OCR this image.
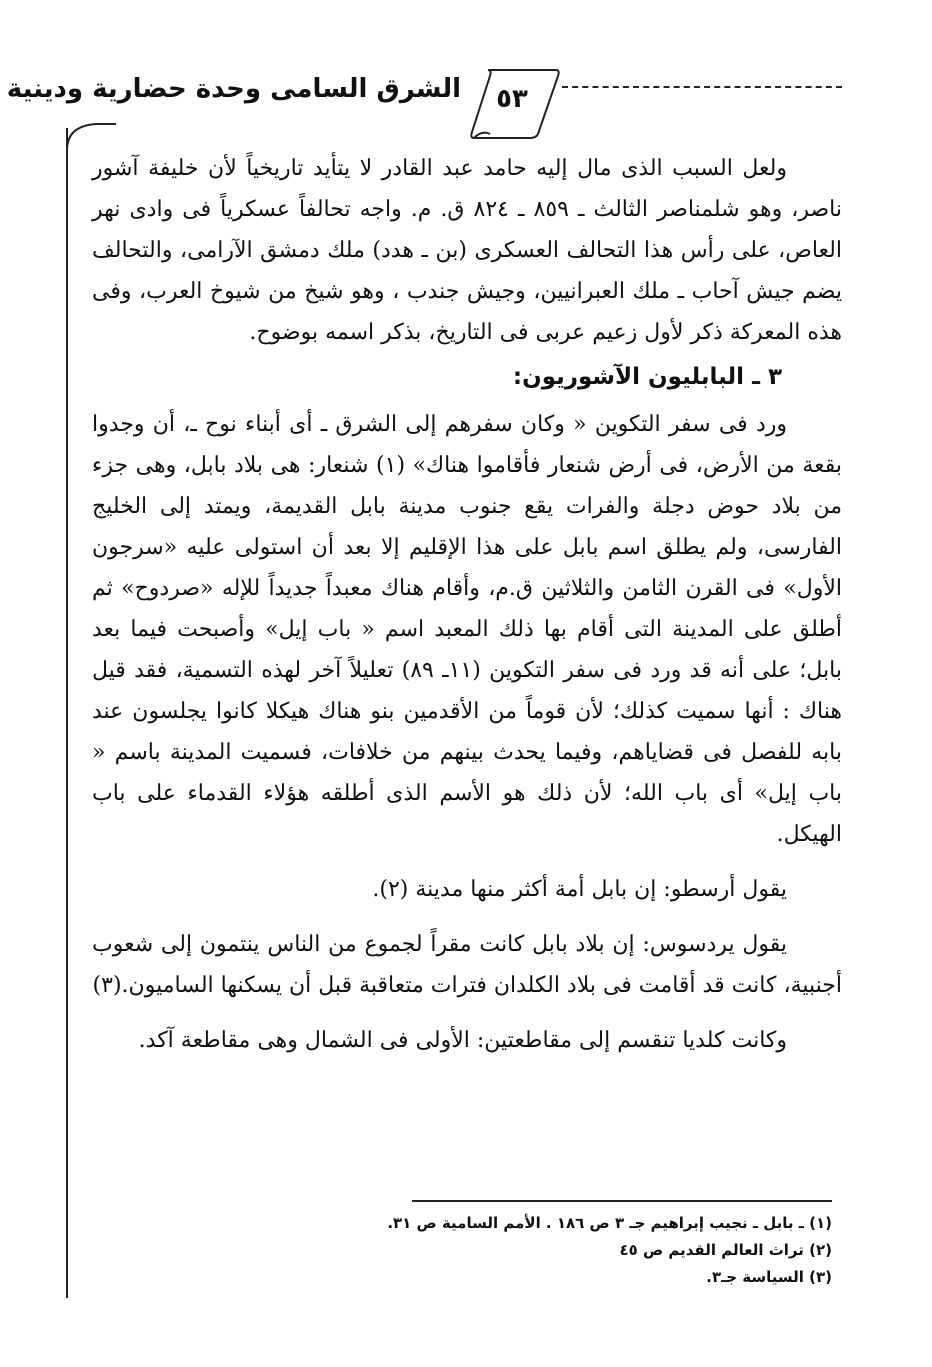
الشرق السامى وحدة حضارية ودينية	٥٣

ولعل السبب الذى مال إليه حامد عبد القادر لا يتأيد تاريخياً لأن خليفة آشور ناصر، وهو شلمناصر الثالث ـ ٨٥٩ ـ ٨٢٤ ق. م. واجه تحالفاً عسكرياً فى وادى نهر العاص، على رأس هذا التحالف العسكرى (بن ـ هدد) ملك دمشق الآرامى، والتحالف يضم جيش آحاب ـ ملك العبرانيين، وجيش جندب ، وهو شيخ من شيوخ العرب، وفى هذه المعركة ذكر لأول زعيم عربى فى التاريخ، بذكر اسمه بوضوح.

٣ ـ البابليون الآشوريون:

ورد فى سفر التكوين « وكان سفرهم إلى الشرق ـ أى أبناء نوح ـ، أن وجدوا بقعة من الأرض، فى أرض شنعار فأقاموا هناك» (١) شنعار: هى بلاد بابل، وهى جزء من بلاد حوض دجلة والفرات يقع جنوب مدينة بابل القديمة، ويمتد إلى الخليج الفارسى، ولم يطلق اسم بابل على هذا الإقليم إلا بعد أن استولى عليه «سرجون الأول» فى القرن الثامن والثلاثين ق.م، وأقام هناك معبداً جديداً للإله «صردوح» ثم أطلق على المدينة التى أقام بها ذلك المعبد اسم « باب إيل» وأصبحت فيما بعد بابل؛ على أنه قد ورد فى سفر التكوين (١١ـ ٨٩) تعليلاً آخر لهذه التسمية، فقد قيل هناك : أنها سميت كذلك؛ لأن قوماً من الأقدمين بنو هناك هيكلا كانوا يجلسون عند بابه للفصل فى قضاياهم، وفيما يحدث بينهم من خلافات، فسميت المدينة باسم « باب إيل» أى باب الله؛ لأن ذلك هو الأسم الذى أطلقه هؤلاء القدماء على باب الهيكل.

يقول أرسطو: إن بابل أمة أكثر منها مدينة (٢).

يقول يردسوس: إن بلاد بابل كانت مقراً لجموع من الناس ينتمون إلى شعوب أجنبية، كانت قد أقامت فى بلاد الكلدان فترات متعاقبة قبل أن يسكنها الساميون.(٣)

وكانت كلديا تنقسم إلى مقاطعتين: الأولى فى الشمال وهى مقاطعة آكد.

(١) ـ بابل ـ نجيب إبراهيم جـ ٣ ص ١٨٦ . الأمم السامية ص ٣١.
(٢) تراث العالم القديم ص ٤٥
(٣) السياسة جـ٣.
